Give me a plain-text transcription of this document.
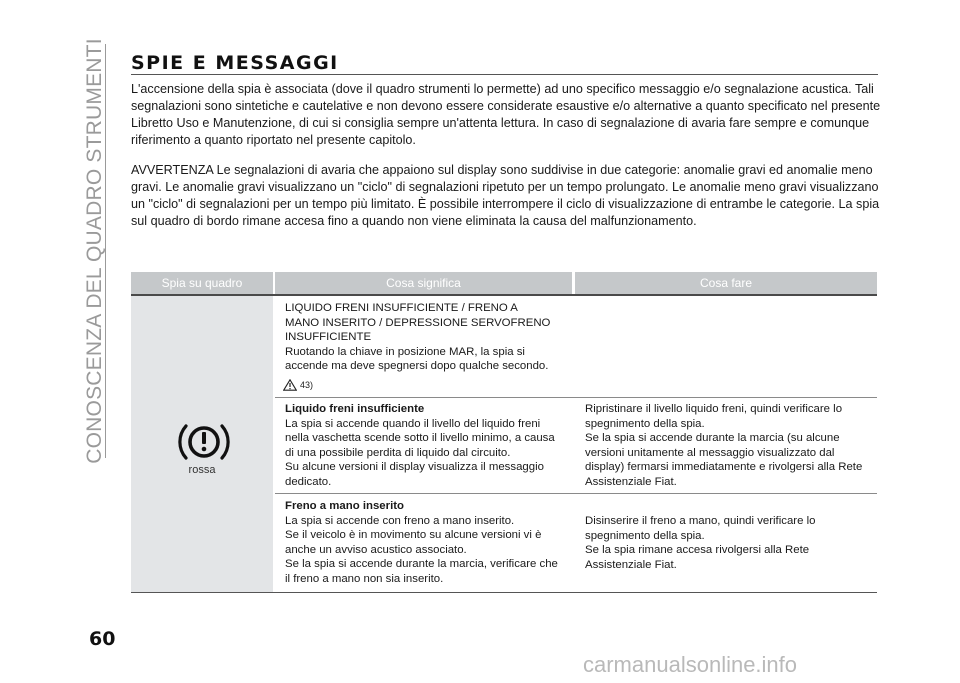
CONOSCENZA DEL QUADRO STRUMENTI SPIE E MESSAGGI
L'accensione della spia è associata (dove il quadro strumenti lo permette) ad uno specifico messaggio e/o segnalazione acustica. Tali segnalazioni sono sintetiche e cautelative e non devono essere considerate esaustive e/o alternative a quanto specificato nel presente Libretto Uso e Manutenzione, di cui si consiglia sempre un'attenta lettura. In caso di segnalazione di avaria fare sempre e comunque riferimento a quanto riportato nel presente capitolo.
AVVERTENZA Le segnalazioni di avaria che appaiono sul display sono suddivise in due categorie: anomalie gravi ed anomalie meno gravi. Le anomalie gravi visualizzano un "ciclo" di segnalazioni ripetuto per un tempo prolungato. Le anomalie meno gravi visualizzano un "ciclo" di segnalazioni per un tempo più limitato. È possibile interrompere il ciclo di visualizzazione di entrambe le categorie. La spia sul quadro di bordo rimane accesa fino a quando non viene eliminata la causa del malfunzionamento.
Spia su quadro	Cosa significa	Cosa fare
rossa
LIQUIDO FRENI INSUFFICIENTE / FRENO A
MANO INSERITO / DEPRESSIONE SERVOFRENO
INSUFFICIENTE
Ruotando la chiave in posizione MAR, la spia si
accende ma deve spegnersi dopo qualche secondo.
43)
Liquido freni insufficiente
La spia si accende quando il livello del liquido freni
nella vaschetta scende sotto il livello minimo, a causa
di una possibile perdita di liquido dal circuito.
Su alcune versioni il display visualizza il messaggio
dedicato.
Ripristinare il livello liquido freni, quindi verificare lo
spegnimento della spia.
Se la spia si accende durante la marcia (su alcune
versioni unitamente al messaggio visualizzato dal
display) fermarsi immediatamente e rivolgersi alla Rete
Assistenziale Fiat.
Freno a mano inserito
La spia si accende con freno a mano inserito.
Se il veicolo è in movimento su alcune versioni vi è
anche un avviso acustico associato.
Se la spia si accende durante la marcia, verificare che
il freno a mano non sia inserito.
Disinserire il freno a mano, quindi verificare lo
spegnimento della spia.
Se la spia rimane accesa rivolgersi alla Rete
Assistenziale Fiat.
60
carmanualsonline.info
